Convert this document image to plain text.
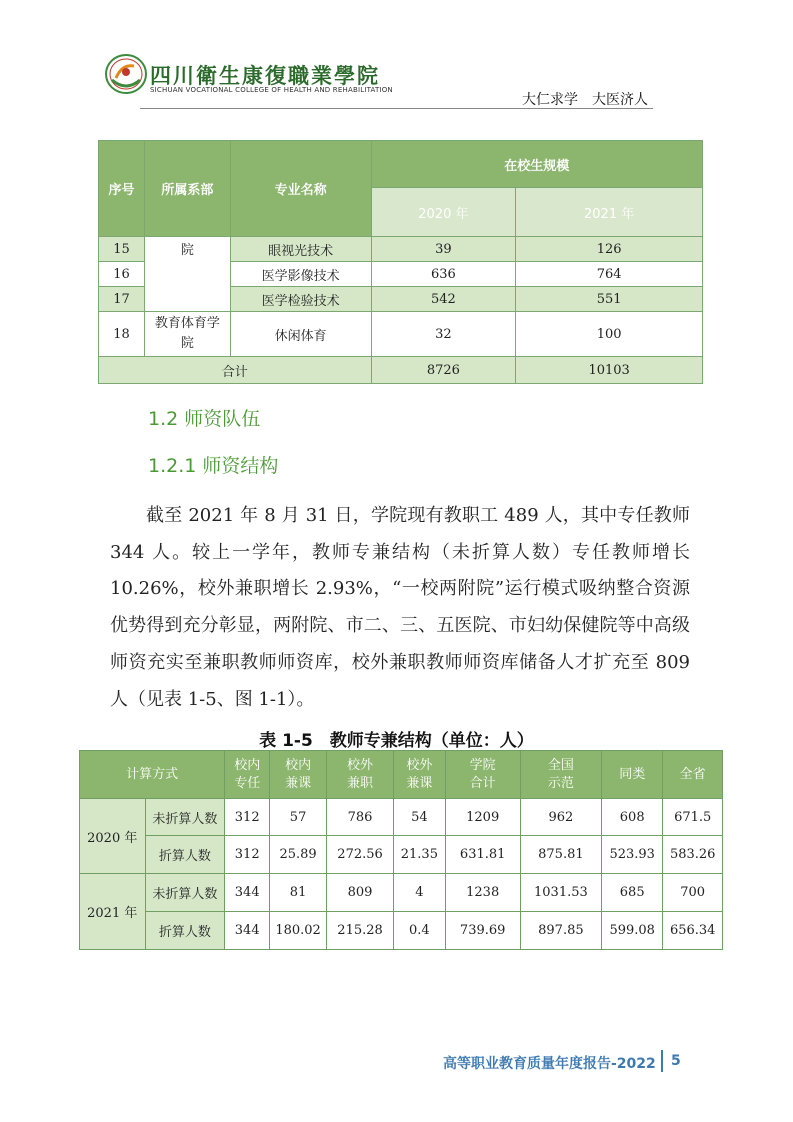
四川衛生康復職業學院
SICHUAN VOCATIONAL COLLEGE OF HEALTH AND REHABILITATION
大仁求学　大医济人
序号	所属系部	专业名称	在校生规模	
			2020 年	2021 年
15	院	眼视光技术	39	126
16		医学影像技术	636	764
17		医学检验技术	542	551
18	教育体育学院	休闲体育	32	100
合计			8726	10103
1.2 师资队伍
1.2.1 师资结构
截至 2021 年 8 月 31 日，学院现有教职工 489 人，其中专任教师 344 人。较上一学年，教师专兼结构（未折算人数）专任教师增长 10.26%，校外兼职增长 2.93%，“一校两附院”运行模式吸纳整合资源优势得到充分彰显，两附院、市二、三、五医院、市妇幼保健院等中高级师资充实至兼职教师师资库，校外兼职教师师资库储备人才扩充至 809 人（见表 1-5、图 1-1）。
表 1-5　教师专兼结构（单位：人）
计算方式		校内专任	校内兼课	校外兼职	校外兼课	学院合计	全国示范	同类	全省
2020 年	未折算人数	312	57	786	54	1209	962	608	671.5
	折算人数	312	25.89	272.56	21.35	631.81	875.81	523.93	583.26
2021 年	未折算人数	344	81	809	4	1238	1031.53	685	700
	折算人数	344	180.02	215.28	0.4	739.69	897.85	599.08	656.34
高等职业教育质量年度报告-2022 5
